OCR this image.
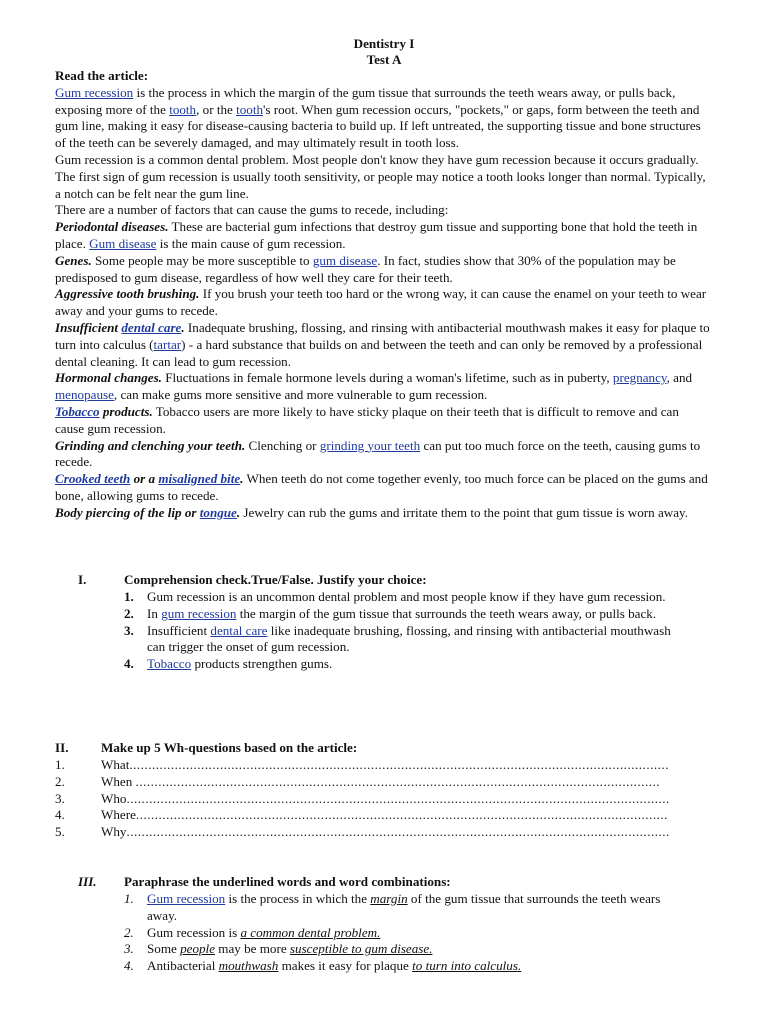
Dentistry I
Test A

Read the article:

Gum recession is the process in which the margin of the gum tissue that surrounds the teeth wears away, or pulls back, exposing more of the tooth, or the tooth's root. When gum recession occurs, "pockets," or gaps, form between the teeth and gum line, making it easy for disease-causing bacteria to build up. If left untreated, the supporting tissue and bone structures of the teeth can be severely damaged, and may ultimately result in tooth loss.

Gum recession is a common dental problem. Most people don't know they have gum recession because it occurs gradually. The first sign of gum recession is usually tooth sensitivity, or people may notice a tooth looks longer than normal. Typically, a notch can be felt near the gum line.

There are a number of factors that can cause the gums to recede, including:

Periodontal diseases. These are bacterial gum infections that destroy gum tissue and supporting bone that hold the teeth in place. Gum disease is the main cause of gum recession.

Genes. Some people may be more susceptible to gum disease. In fact, studies show that 30% of the population may be predisposed to gum disease, regardless of how well they care for their teeth.

Aggressive tooth brushing. If you brush your teeth too hard or the wrong way, it can cause the enamel on your teeth to wear away and your gums to recede.

Insufficient dental care. Inadequate brushing, flossing, and rinsing with antibacterial mouthwash makes it easy for plaque to turn into calculus (tartar) - a hard substance that builds on and between the teeth and can only be removed by a professional dental cleaning. It can lead to gum recession.

Hormonal changes. Fluctuations in female hormone levels during a woman's lifetime, such as in puberty, pregnancy, and menopause, can make gums more sensitive and more vulnerable to gum recession.

Tobacco products. Tobacco users are more likely to have sticky plaque on their teeth that is difficult to remove and can cause gum recession.

Grinding and clenching your teeth. Clenching or grinding your teeth can put too much force on the teeth, causing gums to recede.

Crooked teeth or a misaligned bite. When teeth do not come together evenly, too much force can be placed on the gums and bone, allowing gums to recede.

Body piercing of the lip or tongue. Jewelry can rub the gums and irritate them to the point that gum tissue is worn away.

I.	Comprehension check.True/False. Justify your choice:
1. Gum recession is an uncommon dental problem and most people know if they have gum recession.
2. In gum recession the margin of the gum tissue that surrounds the teeth wears away, or pulls back.
3. Insufficient dental care like inadequate brushing, flossing, and rinsing with antibacterial mouthwash can trigger the onset of gum recession.
4. Tobacco products strengthen gums.
II. Make up 5 Wh-questions based on the article:
1.	What...............................................................................................................................................
2.	When ...........................................................................................................................................
3.	Who................................................................................................................................................
4.	Where.............................................................................................................................................
5.	Why................................................................................................................................................
III. Paraphrase the underlined words and word combinations:
1. Gum recession is the process in which the margin of the gum tissue that surrounds the teeth wears away.
2. Gum recession is a common dental problem.
3. Some people may be more susceptible to gum disease.
4. Antibacterial mouthwash makes it easy for plaque to turn into calculus.
